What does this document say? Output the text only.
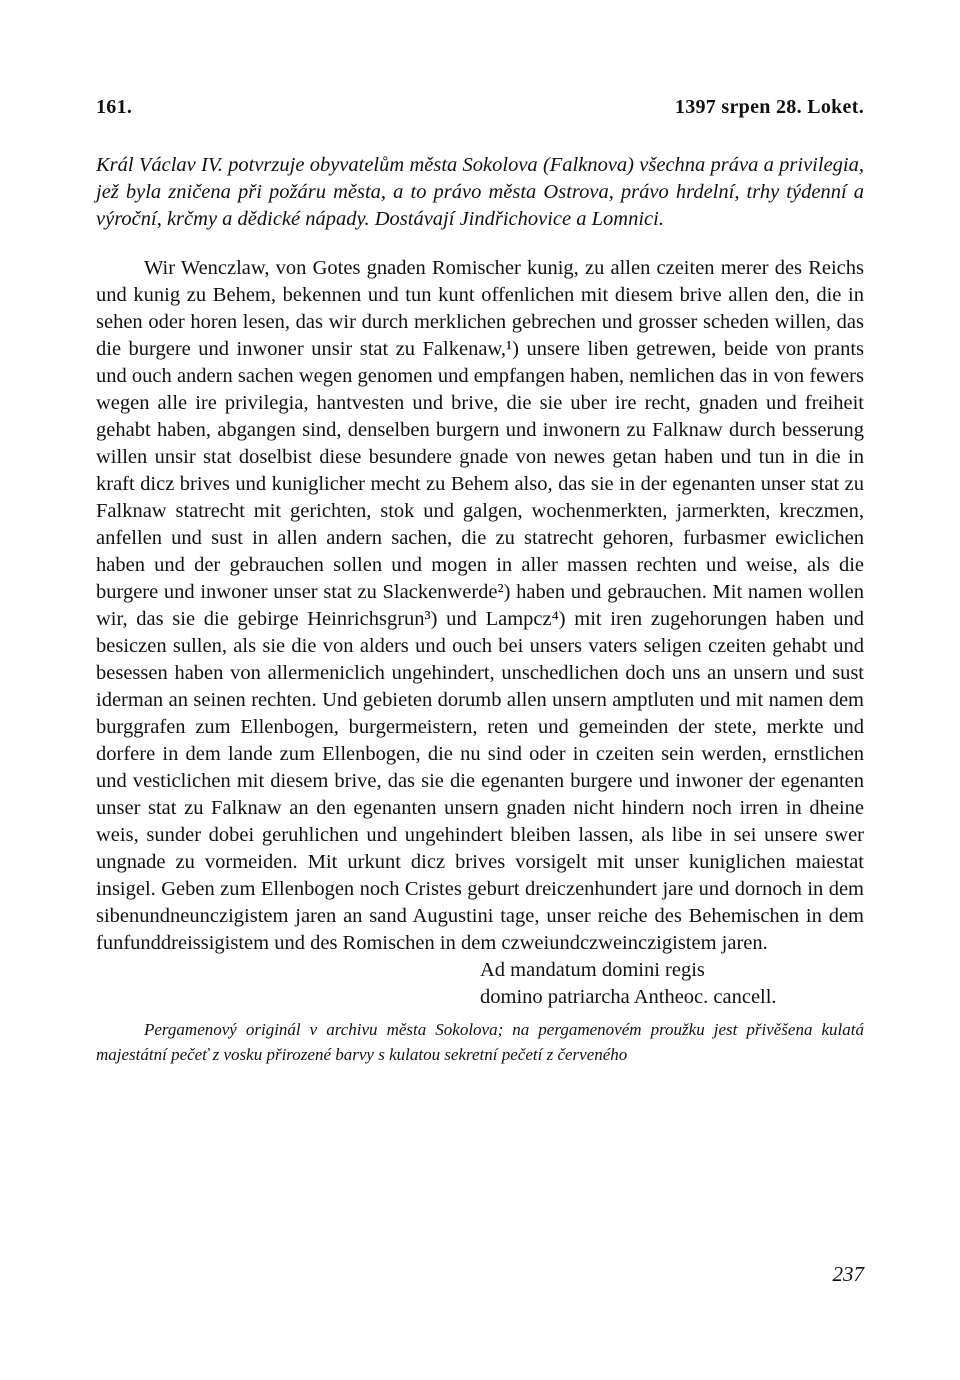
161.	1397 srpen 28. Loket.
Král Václav IV. potvrzuje obyvatelům města Sokolova (Falknova) všechna práva a privilegia, jež byla zničena při požáru města, a to právo města Ostrova, právo hrdelní, trhy týdenní a výroční, krčmy a dědické nápady. Dostávají Jindřichovice a Lomnici.
Wir Wenczlaw, von Gotes gnaden Romischer kunig, zu allen czeiten merer des Reichs und kunig zu Behem, bekennen und tun kunt offenlichen mit diesem brive allen den, die in sehen oder horen lesen, das wir durch merklichen gebrechen und grosser scheden willen, das die burgere und inwoner unsir stat zu Falkenaw,¹) unsere liben getrewen, beide von prants und ouch andern sachen wegen genomen und empfangen haben, nemlichen das in von fewers wegen alle ire privilegia, hantvesten und brive, die sie uber ire recht, gnaden und freiheit gehabt haben, abgangen sind, denselben burgern und inwonern zu Falknaw durch besserung willen unsir stat doselbist diese besundere gnade von newes getan haben und tun in die in kraft dicz brives und kuniglicher mecht zu Behem also, das sie in der egenanten unser stat zu Falknaw statrecht mit gerichten, stok und galgen, wochenmerkten, jarmerkten, kreczmen, anfellen und sust in allen andern sachen, die zu statrecht gehoren, furbasmer ewiclichen haben und der gebrauchen sollen und mogen in aller massen rechten und weise, als die burgere und inwoner unser stat zu Slackenwerde²) haben und gebrauchen. Mit namen wollen wir, das sie die gebirge Heinrichsgrun³) und Lampcz⁴) mit iren zugehorungen haben und besiczen sullen, als sie die von alders und ouch bei unsers vaters seligen czeiten gehabt und besessen haben von allermeniclich ungehindert, unschedlichen doch uns an unsern und sust iderman an seinen rechten. Und gebieten dorumb allen unsern amptluten und mit namen dem burggrafen zum Ellenbogen, burgermeistern, reten und gemeinden der stete, merkte und dorfere in dem lande zum Ellenbogen, die nu sind oder in czeiten sein werden, ernstlichen und vesticlichen mit diesem brive, das sie die egenanten burgere und inwoner der egenanten unser stat zu Falknaw an den egenanten unsern gnaden nicht hindern noch irren in dheine weis, sunder dobei geruhlichen und ungehindert bleiben lassen, als libe in sei unsere swer ungnade zu vormeiden. Mit urkunt dicz brives vorsigelt mit unser kuniglichen maiestat insigel. Geben zum Ellenbogen noch Cristes geburt dreiczenhundert jare und dornoch in dem sibenundneunczigistem jaren an sand Augustini tage, unser reiche des Behemischen in dem funfunddreissigistem und des Romischen in dem czweiundczweinczigistem jaren.
Ad mandatum domini regis
domino patriarcha Antheoc. cancell.
Pergamenový originál v archivu města Sokolova; na pergamenovém proužku jest přivěšena kulatá majestátní pečeť z vosku přirozené barvy s kulatou sekretní pečetí z červeného
237
